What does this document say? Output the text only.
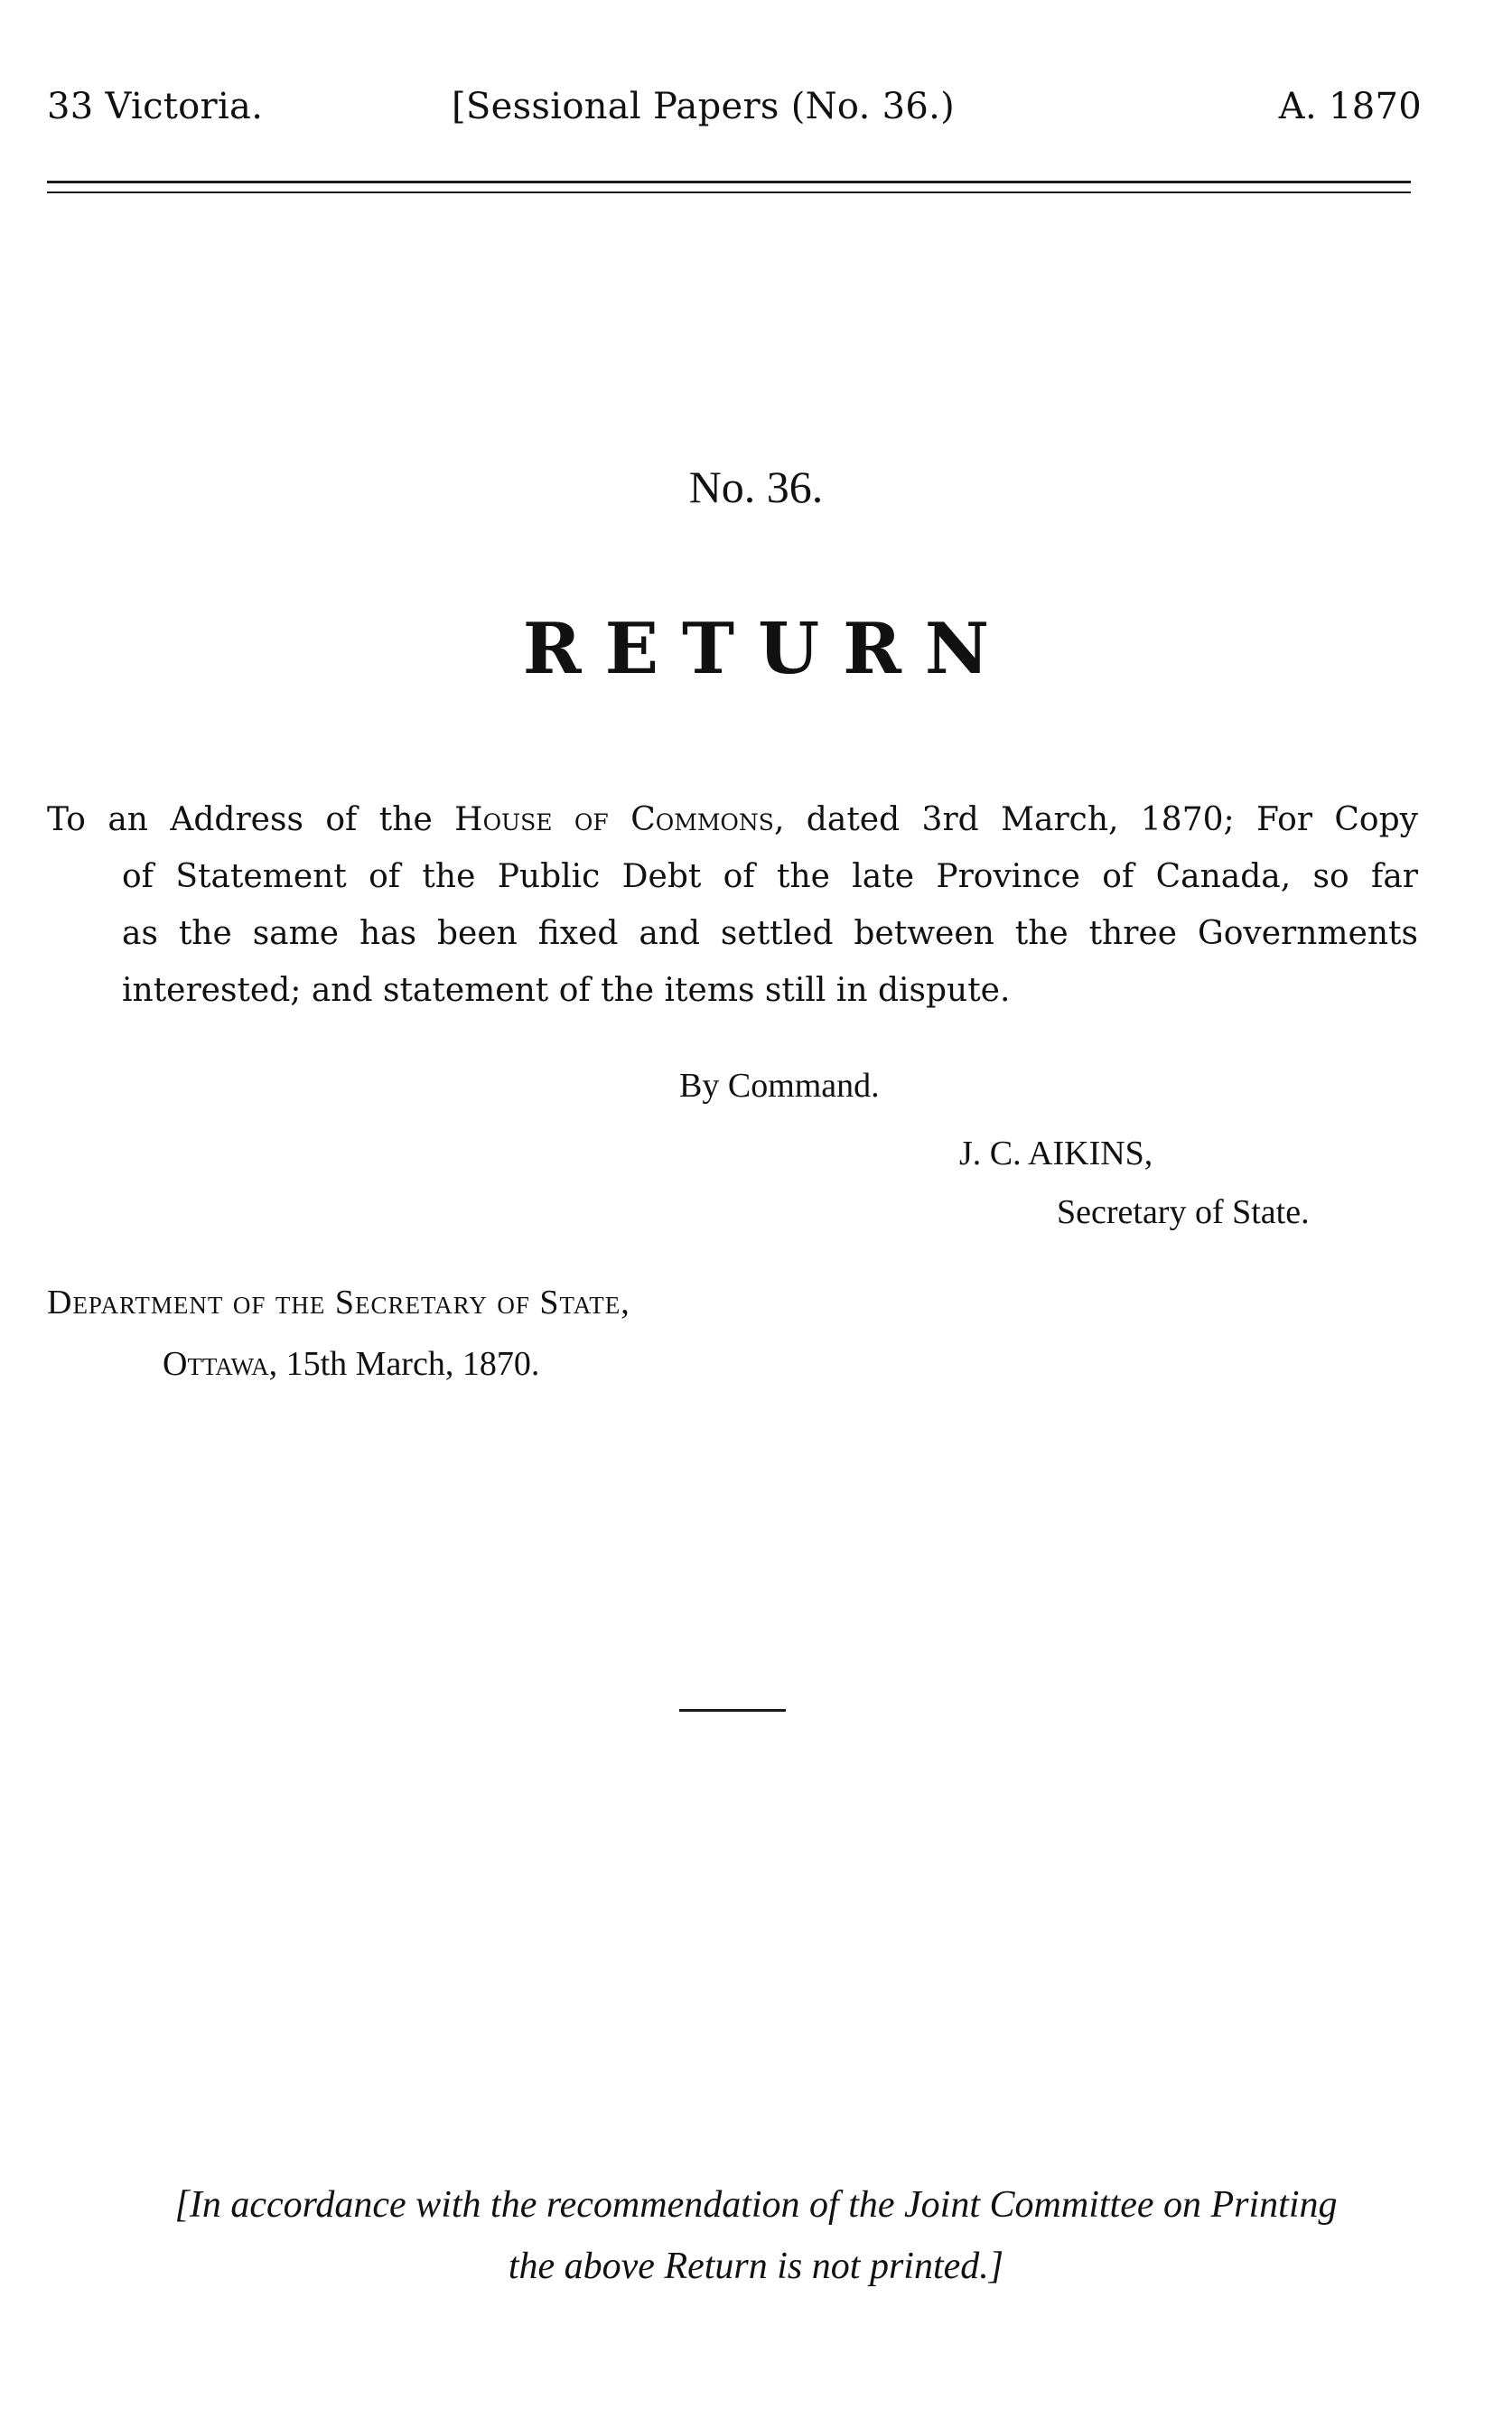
33 Victoria.	[Sessional Papers (No. 36.)	A. 1870
No. 36.
RETURN
To an Address of the House of Commons, dated 3rd March, 1870; For Copy
of Statement of the Public Debt of the late Province of Canada, so far
as the same has been fixed and settled between the three Governments
interested; and statement of the items still in dispute.
By Command.
J. C. AIKINS,
Secretary of State.
Department of the Secretary of State,
Ottawa, 15th March, 1870.
[In accordance with the recommendation of the Joint Committee on Printing
the above Return is not printed.]
